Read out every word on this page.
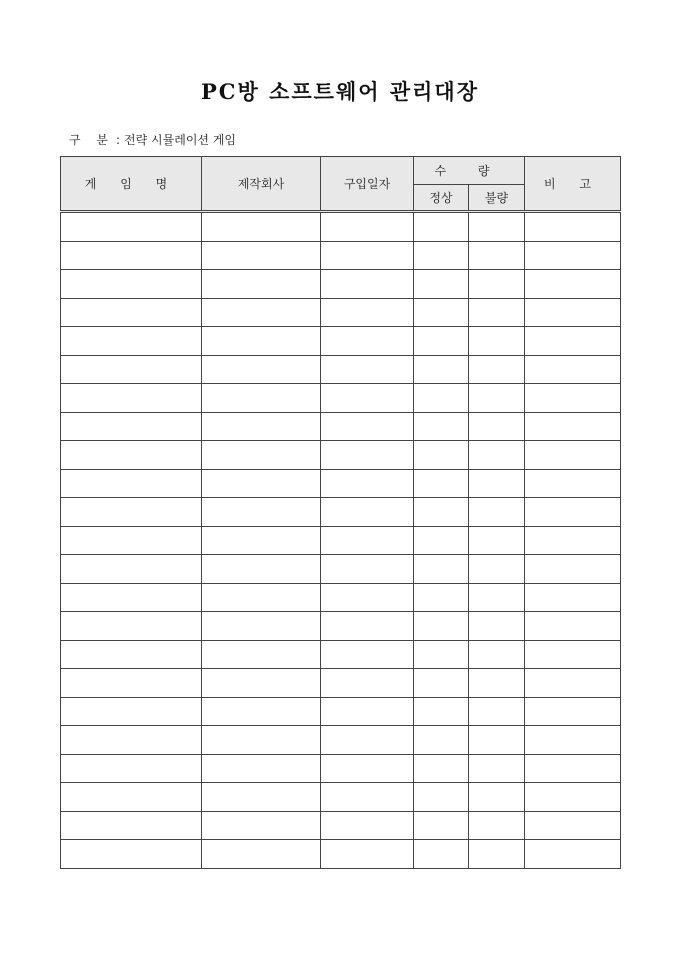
PC방 소프트웨어 관리대장
구 분 : 전략 시뮬레이션 게임
게 임 명	제작회사	구입일자	수 량		비 고
			정상	불량	
